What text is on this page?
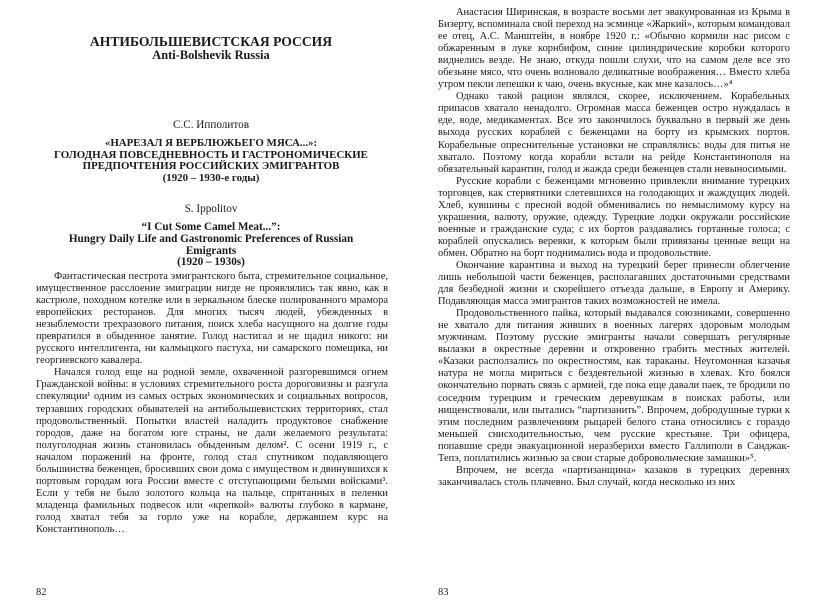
АНТИБОЛЬШЕВИСТСКАЯ РОССИЯ
Anti-Bolshevik Russia
С.С. Ипполитов
«НАРЕЗАЛ Я ВЕРБЛЮЖЬЕГО МЯСА...»:
ГОЛОДНАЯ ПОВСЕДНЕВНОСТЬ И ГАСТРОНОМИЧЕСКИЕ
ПРЕДПОЧТЕНИЯ РОССИЙСКИХ ЭМИГРАНТОВ
(1920 – 1930-е годы)
S. Ippolitov
“I Cut Some Camel Meat...”:
Hungry Daily Life and Gastronomic Preferences of Russian
Emigrants
(1920 – 1930s)

Фантастическая пестрота эмигрантского быта, стремительное социальное, имущественное расслоение эмиграции нигде не проявлялись так явно, как в кастрюле, походном котелке или в зеркальном блеске полированного мрамора европейских ресторанов. Для многих тысяч людей, убежденных в незыблемости трехразового питания, поиск хлеба насущного на долгие годы превратился в обыденное занятие. Голод настигал и не щадил никого: ни русского интеллигента, ни калмыцкого пастуха, ни самарского помещика, ни георгиевского кавалера.

Начался голод еще на родной земле, охваченной разгоревшимся огнем Гражданской войны: в условиях стремительного роста дороговизны и разгула спекуляции¹ одним из самых острых экономических и социальных вопросов, терзавших городских обывателей на антибольшевистских территориях, стал продовольственный. Попытки властей наладить продуктовое снабжение городов, даже на богатом юге страны, не дали желаемого результата: полуголодная жизнь становилась обыденным делом². С осени 1919 г., с началом поражений на фронте, голод стал спутником подавляющего большинства беженцев, бросивших свои дома с имуществом и двинувшихся к портовым городам юга России вместе с отступающими белыми войсками³. Если у тебя не было золотого кольца на пальце, спрятанных в пеленки младенца фамильных подвесок или «крепкой» валюты глубоко в кармане, голод хватал тебя за горло уже на корабле, державшем курс на Константинополь…

82

Анастасия Ширинская, в возрасте восьми лет эвакуированная из Крыма в Бизерту, вспоминала свой переход на эсминце «Жаркий», которым командовал ее отец, А.С. Манштейн, в ноябре 1920 г.: «Обычно кормили нас рисом с обжаренным в луке корнбифом, синие цилиндрические коробки которого виднелись везде. Не знаю, откуда пошли слухи, что на самом деле все это обезьяне мясо, что очень волновало деликатные воображения… Вместо хлеба утром пекли лепешки к чаю, очень вкусные, как мне казалось…»⁴

Однако такой рацион являлся, скорее, исключением. Корабельных припасов хватало ненадолго. Огромная масса беженцев остро нуждалась в еде, воде, медикаментах. Все это закончилось буквально в первый же день выхода русских кораблей с беженцами на борту из крымских портов. Корабельные опреснительные установки не справлялись: воды для питья не хватало. Поэтому когда корабли встали на рейде Константинополя на обязательный карантин, голод и жажда среди беженцев стали невыносимыми.

Русские корабли с беженцами мгновенно привлекли внимание турецких торговцев, как стервятники слетевшихся на голодающих и жаждущих людей. Хлеб, кувшины с пресной водой обменивались по немыслимому курсу на украшения, валюту, оружие, одежду. Турецкие лодки окружали российские военные и гражданские суда; с их бортов раздавались гортанные голоса; с кораблей опускались веревки, к которым были привязаны ценные вещи на обмен. Обратно на борт поднимались вода и продовольствие.

Окончание карантина и выход на турецкий берег принесли облегчение лишь небольшой части беженцев, располагавших достаточными средствами для безбедной жизни и скорейшего отъезда дальше, в Европу и Америку. Подавляющая масса эмигрантов таких возможностей не имела.

Продовольственного пайка, который выдавался союзниками, совершенно не хватало для питания живших в военных лагерях здоровым молодым мужчинам. Поэтому русские эмигранты начали совершать регулярные вылазки в окрестные деревни и откровенно грабить местных жителей. «Казаки расползались по окрестностям, как тараканы. Неугомонная казачья натура не могла мириться с бездеятельной жизнью в хлевах. Кто боялся окончательно порвать связь с армией, где пока еще давали паек, те бродили по соседним турецким и греческим деревушкам в поисках работы, или нищенствовали, или пытались “партизанить”. Впрочем, добродушные турки к этим последним развлечениям рыцарей белого стана относились с гораздо меньшей снисходительностью, чем русские крестьяне. Три офицера, попавшие среди эвакуационной неразберихи вместо Галлиполи в Санджак-Тепэ, поплатились жизнью за свои старые добровольческие замашки»⁵.

Впрочем, не всегда «партизанщина» казаков в турецких деревнях заканчивалась столь плачевно. Был случай, когда несколько из них

83
